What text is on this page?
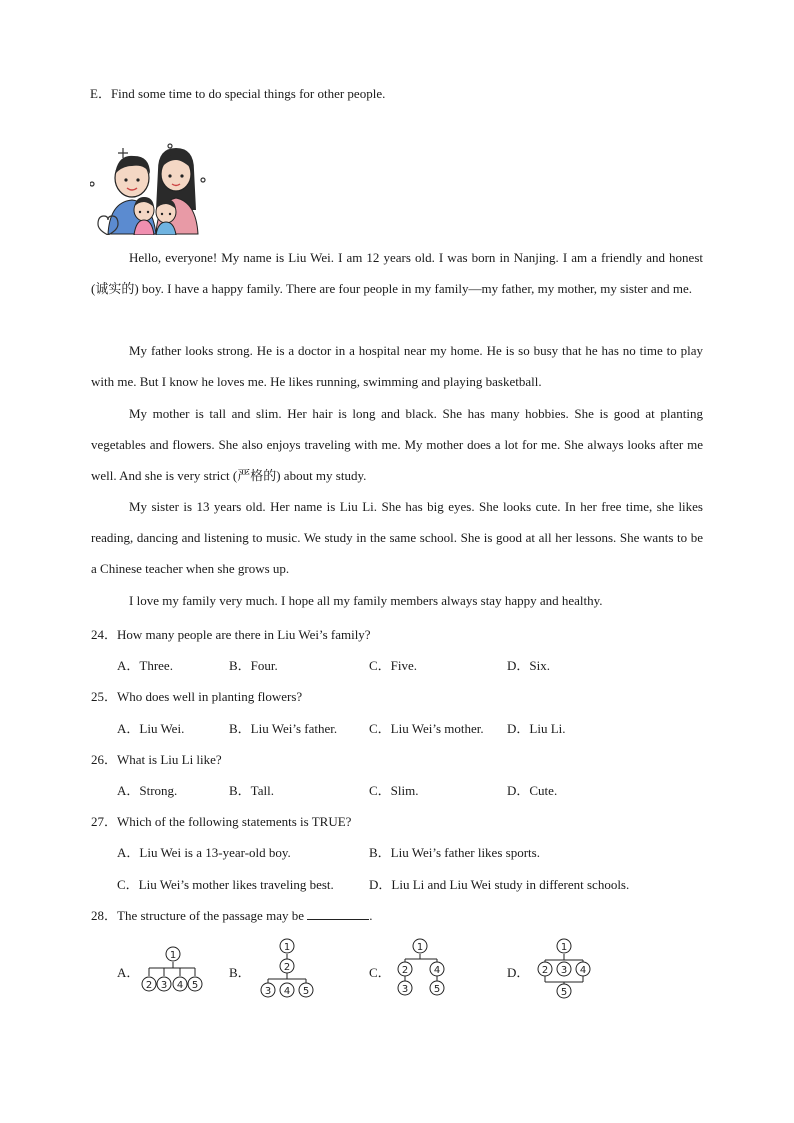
E．Find some time to do special things for other people.

Hello, everyone! My name is Liu Wei. I am 12 years old. I was born in Nanjing. I am a friendly and honest (诚实的) boy. I have a happy family. There are four people in my family—my father, my mother, my sister and me.

My father looks strong. He is a doctor in a hospital near my home. He is so busy that he has no time to play with me. But I know he loves me. He likes running, swimming and playing basketball.

My mother is tall and slim. Her hair is long and black. She has many hobbies. She is good at planting vegetables and flowers. She also enjoys traveling with me. My mother does a lot for me. She always looks after me well. And she is very strict (严格的) about my study.

My sister is 13 years old. Her name is Liu Li. She has big eyes. She looks cute. In her free time, she likes reading, dancing and listening to music. We study in the same school. She is good at all her lessons. She wants to be a Chinese teacher when she grows up.

I love my family very much. I hope all my family members always stay happy and healthy.

24．How many people are there in Liu Wei’s family?
A．Three.	B．Four.	C．Five.	D．Six.
25．Who does well in planting flowers?
A．Liu Wei.	B．Liu Wei’s father. C．Liu Wei’s mother. D．Liu Li.
26．What is Liu Li like?
A．Strong.	B．Tall.	C．Slim.	D．Cute.
27．Which of the following statements is TRUE?
A．Liu Wei is a 13-year-old boy.	B．Liu Wei’s father likes sports.
C．Liu Wei’s mother likes traveling best.	D．Liu Li and Liu Wei study in different schools.
28．The structure of the passage may be	.
A．	B．	C．	D．
1
2 3 4 5
1
2
3 4 5
1
2	4
3	5
1
2 3 4
5
